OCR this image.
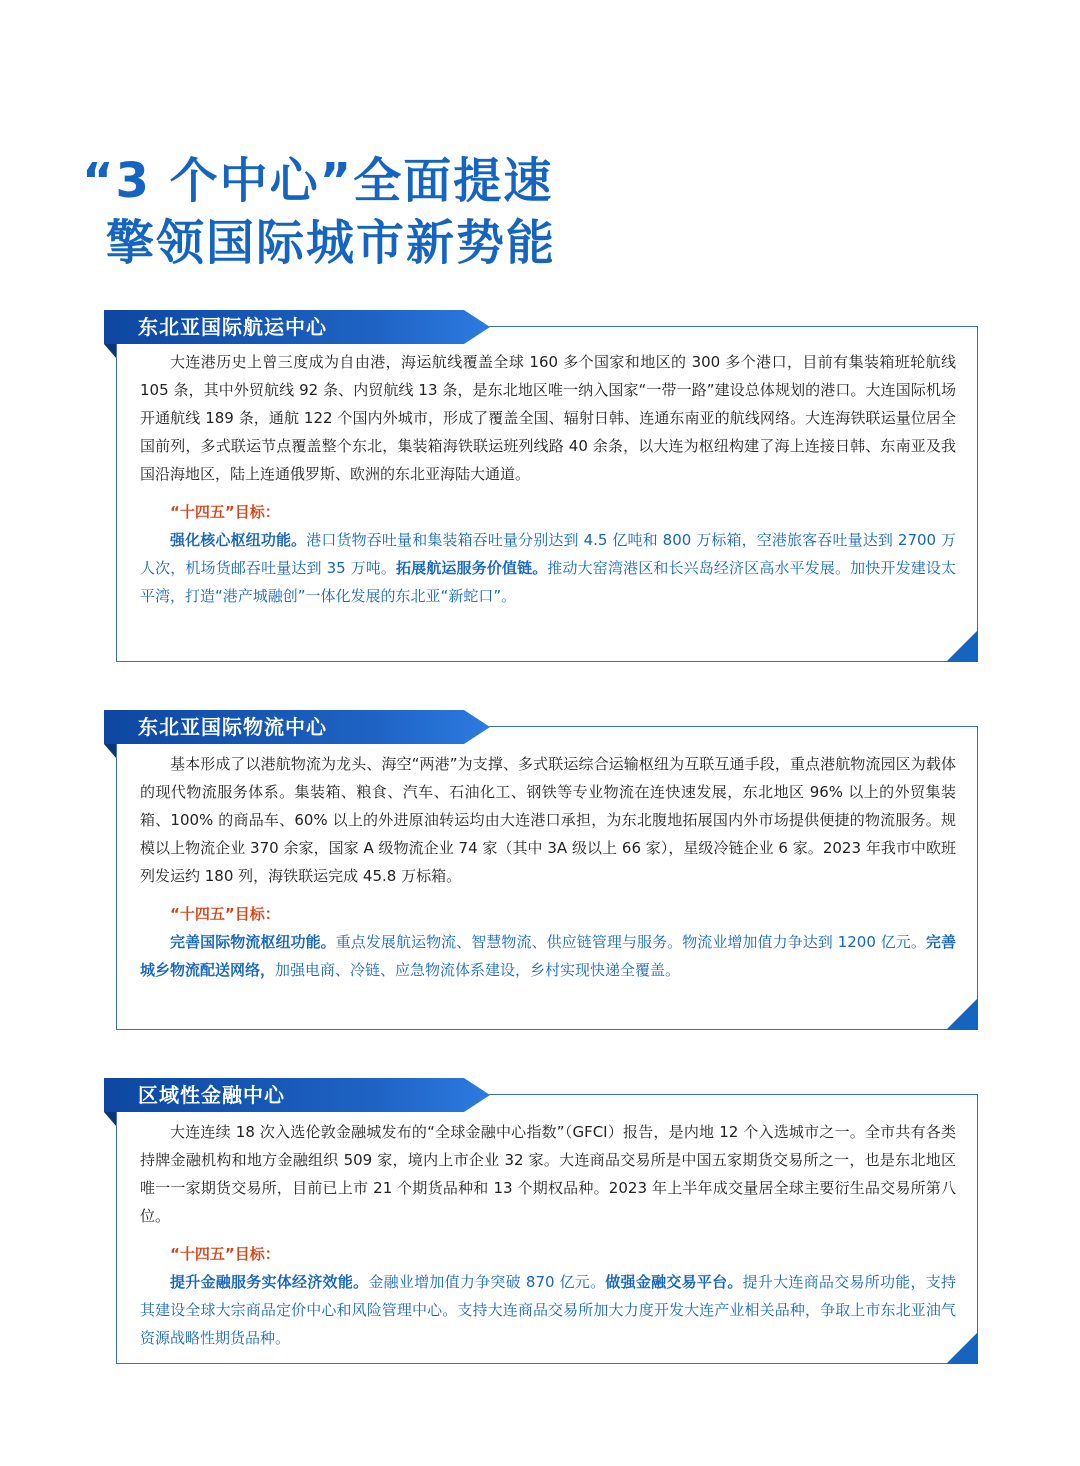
“3 个中心”全面提速
擎领国际城市新势能
东北亚国际航运中心

大连港历史上曾三度成为自由港，海运航线覆盖全球 160 多个国家和地区的 300 多个港口，目前有集装箱班轮航线 105 条，其中外贸航线 92 条、内贸航线 13 条，是东北地区唯一纳入国家“一带一路”建设总体规划的港口。大连国际机场开通航线 189 条，通航 122 个国内外城市，形成了覆盖全国、辐射日韩、连通东南亚的航线网络。大连海铁联运量位居全国前列，多式联运节点覆盖整个东北，集装箱海铁联运班列线路 40 余条，以大连为枢纽构建了海上连接日韩、东南亚及我国沿海地区，陆上连通俄罗斯、欧洲的东北亚海陆大通道。

“十四五”目标：

强化核心枢纽功能。港口货物吞吐量和集装箱吞吐量分别达到 4.5 亿吨和 800 万标箱，空港旅客吞吐量达到 2700 万人次，机场货邮吞吐量达到 35 万吨。拓展航运服务价值链。推动大窑湾港区和长兴岛经济区高水平发展。加快开发建设太平湾，打造“港产城融创”一体化发展的东北亚“新蛇口”。

东北亚国际物流中心

基本形成了以港航物流为龙头、海空“两港”为支撑、多式联运综合运输枢纽为互联互通手段，重点港航物流园区为载体的现代物流服务体系。集装箱、粮食、汽车、石油化工、钢铁等专业物流在连快速发展，东北地区 96% 以上的外贸集装箱、100% 的商品车、60% 以上的外进原油转运均由大连港口承担，为东北腹地拓展国内外市场提供便捷的物流服务。规模以上物流企业 370 余家，国家 A 级物流企业 74 家（其中 3A 级以上 66 家），星级冷链企业 6 家。2023 年我市中欧班列发运约 180 列，海铁联运完成 45.8 万标箱。

“十四五”目标：

完善国际物流枢纽功能。重点发展航运物流、智慧物流、供应链管理与服务。物流业增加值力争达到 1200 亿元。完善城乡物流配送网络，加强电商、冷链、应急物流体系建设，乡村实现快递全覆盖。

区域性金融中心

大连连续 18 次入选伦敦金融城发布的“全球金融中心指数”（GFCI）报告，是内地 12 个入选城市之一。全市共有各类持牌金融机构和地方金融组织 509 家，境内上市企业 32 家。大连商品交易所是中国五家期货交易所之一，也是东北地区唯一一家期货交易所，目前已上市 21 个期货品种和 13 个期权品种。2023 年上半年成交量居全球主要衍生品交易所第八位。

“十四五”目标：

提升金融服务实体经济效能。金融业增加值力争突破 870 亿元。做强金融交易平台。提升大连商品交易所功能，支持其建设全球大宗商品定价中心和风险管理中心。支持大连商品交易所加大力度开发大连产业相关品种，争取上市东北亚油气资源战略性期货品种。
